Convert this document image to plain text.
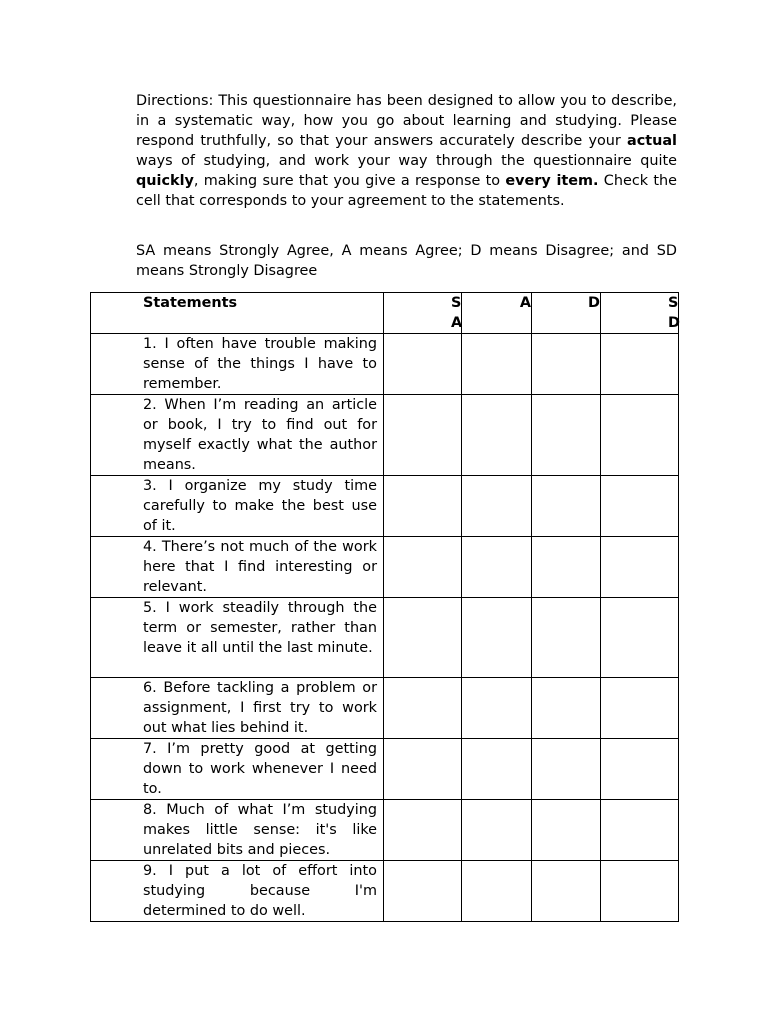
Directions: This questionnaire has been designed to allow you to describe, in a systematic way, how you go about learning and studying. Please respond truthfully, so that your answers accurately describe your actual ways of studying, and work your way through the questionnaire quite quickly, making sure that you give a response to every item. Check the cell that corresponds to your agreement to the statements.

SA means Strongly Agree, A means Agree; D means Disagree; and SD means Strongly Disagree

Statements	SA	A	D	SD

1. I often have trouble making sense of the things I have to remember.				

2. When I’m reading an article or book, I try to find out for myself exactly what the author means.				

3. I organize my study time carefully to make the best use of it.				

4. There’s not much of the work here that I find interesting or relevant.				

5. I work steadily through the term or semester, rather than leave it all until the last minute.				

6. Before tackling a problem or assignment, I first try to work out what lies behind it.				

7. I’m pretty good at getting down to work whenever I need to.				

8. Much of what I’m studying makes little sense: it's like unrelated bits and pieces.				

9. I put a lot of effort into studying because I'm determined to do well.				
